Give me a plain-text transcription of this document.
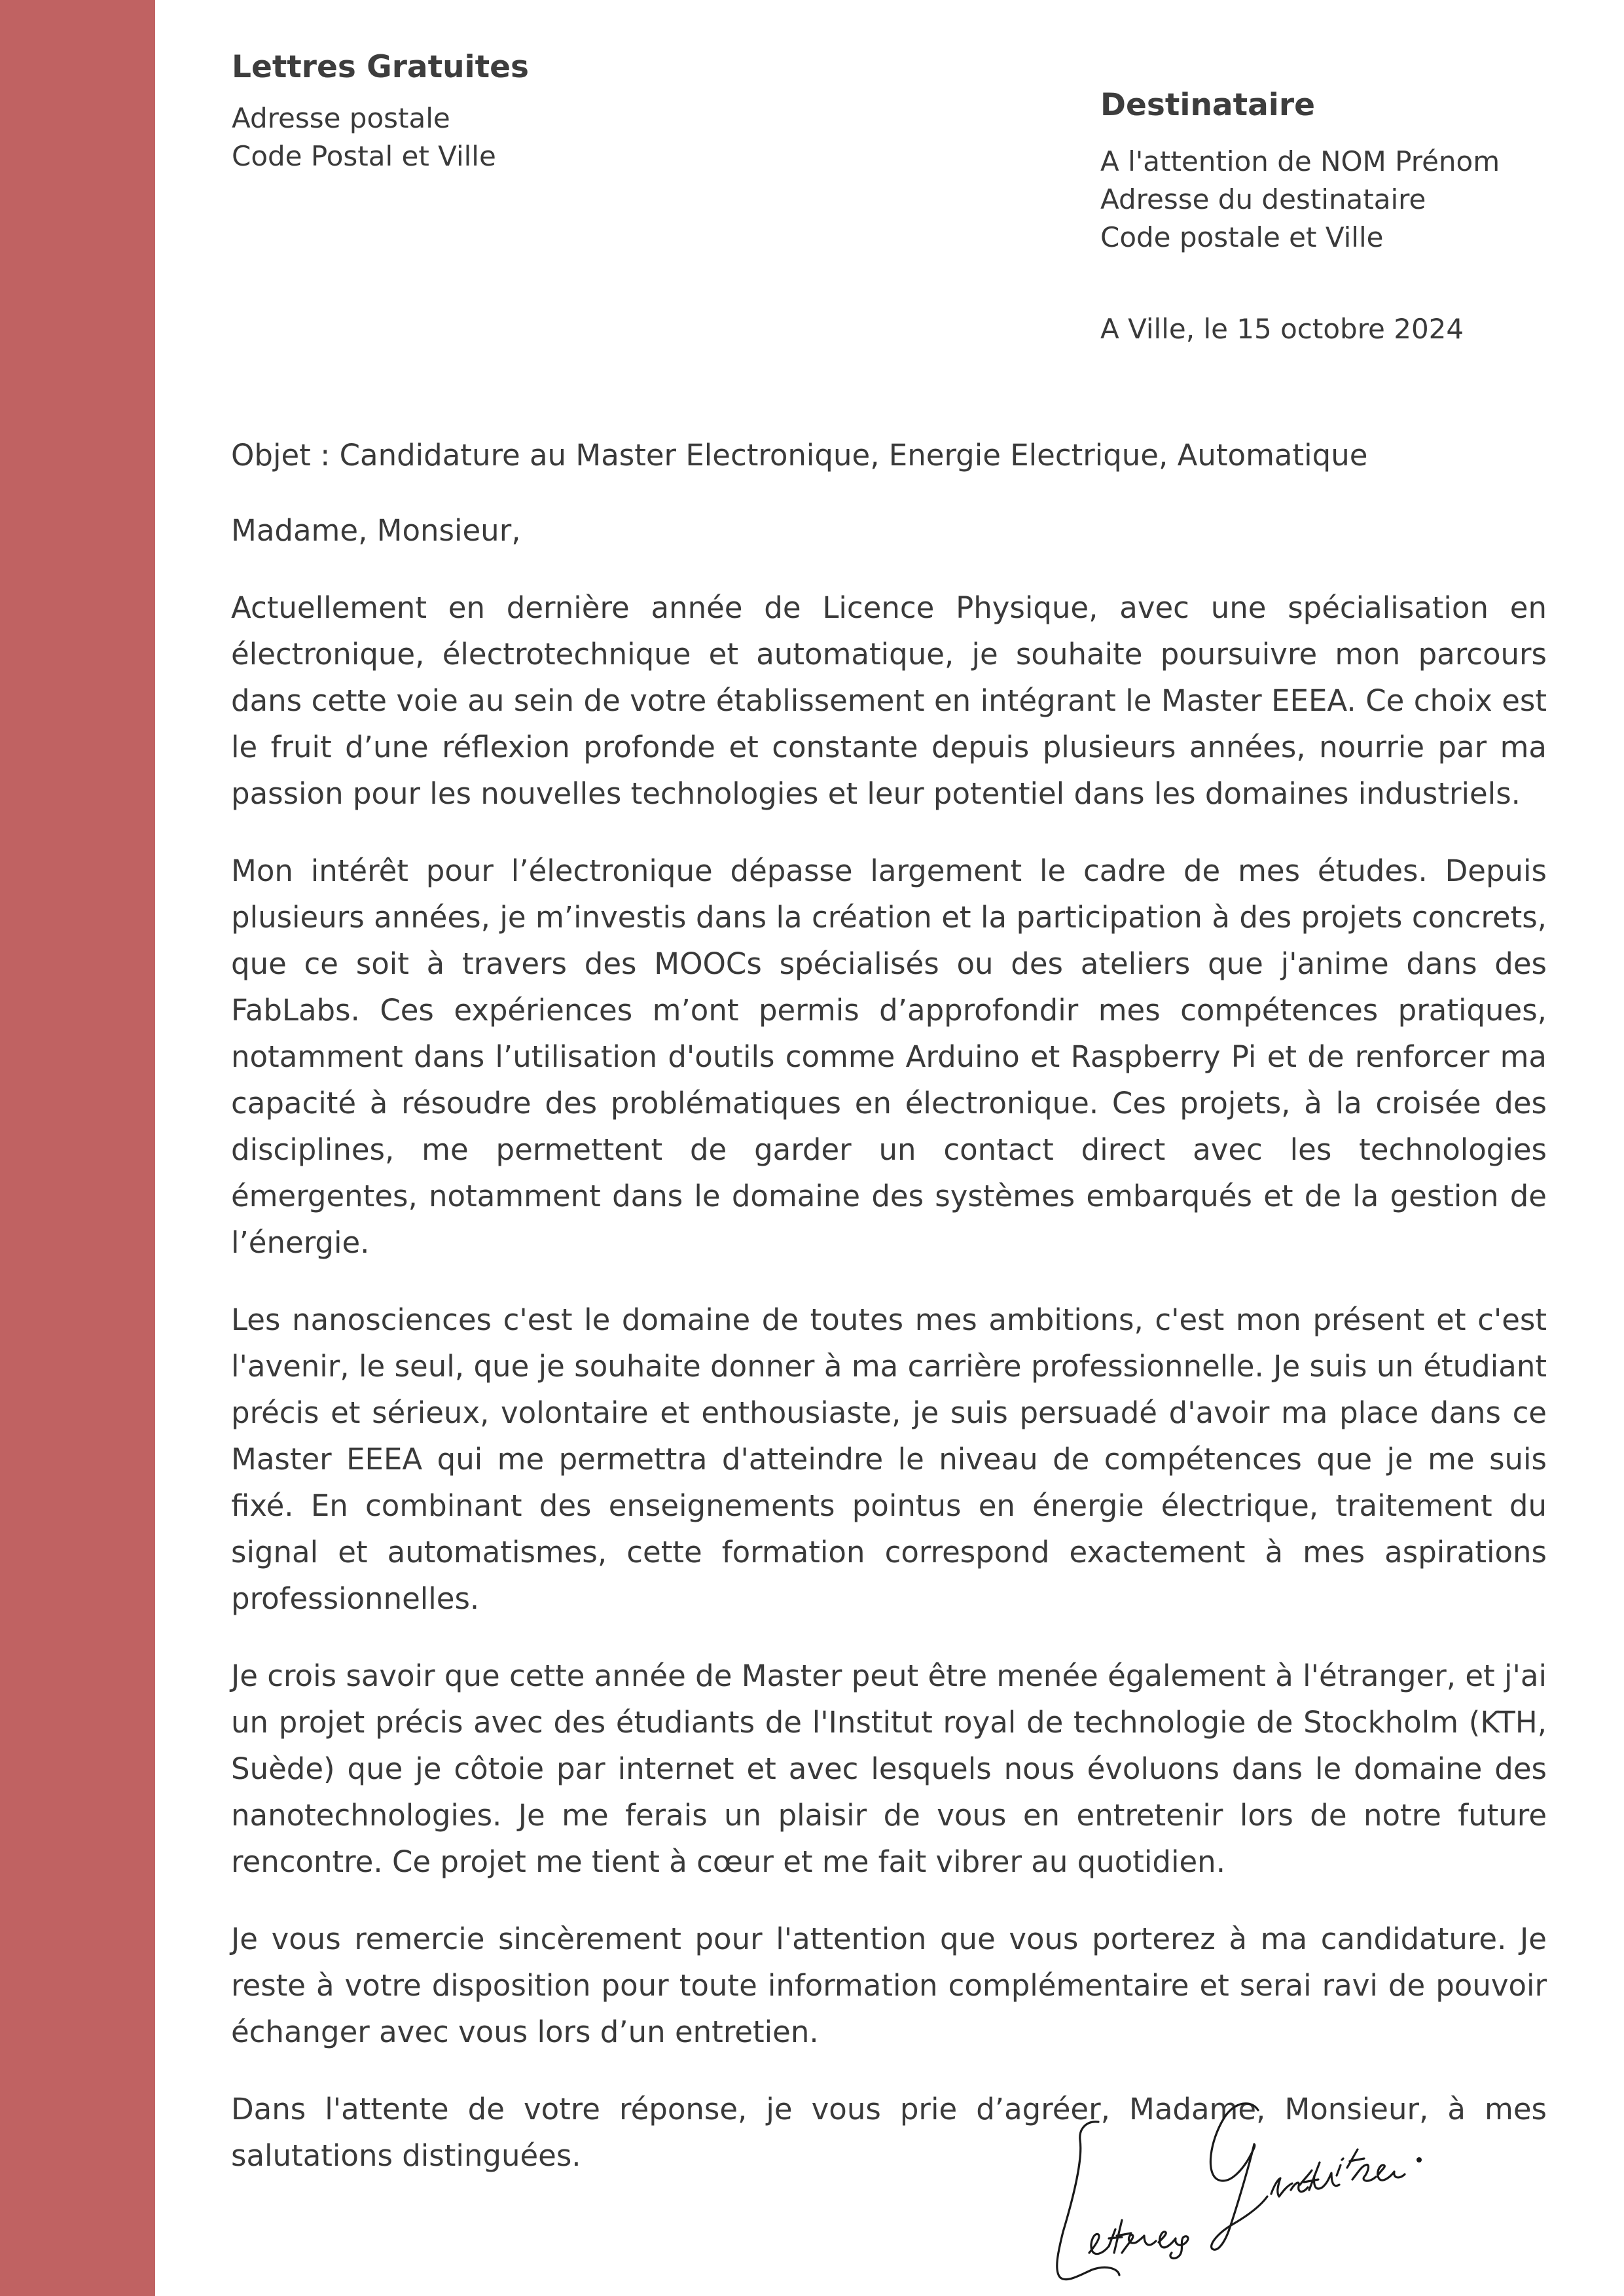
Lettres Gratuites
Adresse postale
Code Postal et Ville
Destinataire
A l'attention de NOM Prénom
Adresse du destinataire
Code postale et Ville
A Ville, le 15 octobre 2024

Objet : Candidature au Master Electronique, Energie Electrique, Automatique

Madame, Monsieur,

Actuellement en dernière année de Licence Physique, avec une spécialisation en électronique, électrotechnique et automatique, je souhaite poursuivre mon parcours dans cette voie au sein de votre établissement en intégrant le Master EEEA. Ce choix est le fruit d’une réflexion profonde et constante depuis plusieurs années, nourrie par ma passion pour les nouvelles technologies et leur potentiel dans les domaines industriels.

Mon intérêt pour l’électronique dépasse largement le cadre de mes études. Depuis plusieurs années, je m’investis dans la création et la participation à des projets concrets, que ce soit à travers des MOOCs spécialisés ou des ateliers que j'anime dans des FabLabs. Ces expériences m’ont permis d’approfondir mes compétences pratiques, notamment dans l’utilisation d'outils comme Arduino et Raspberry Pi et de renforcer ma capacité à résoudre des problématiques en électronique. Ces projets, à la croisée des disciplines, me permettent de garder un contact direct avec les technologies émergentes, notamment dans le domaine des systèmes embarqués et de la gestion de l’énergie.

Les nanosciences c'est le domaine de toutes mes ambitions, c'est mon présent et c'est l'avenir, le seul, que je souhaite donner à ma carrière professionnelle. Je suis un étudiant précis et sérieux, volontaire et enthousiaste, je suis persuadé d'avoir ma place dans ce Master EEEA qui me permettra d'atteindre le niveau de compétences que je me suis fixé. En combinant des enseignements pointus en énergie électrique, traitement du signal et automatismes, cette formation correspond exactement à mes aspirations professionnelles.

Je crois savoir que cette année de Master peut être menée également à l'étranger, et j'ai un projet précis avec des étudiants de l'Institut royal de technologie de Stockholm (KTH, Suède) que je côtoie par internet et avec lesquels nous évoluons dans le domaine des nanotechnologies. Je me ferais un plaisir de vous en entretenir lors de notre future rencontre. Ce projet me tient à cœur et me fait vibrer au quotidien.

Je vous remercie sincèrement pour l'attention que vous porterez à ma candidature. Je reste à votre disposition pour toute information complémentaire et serai ravi de pouvoir échanger avec vous lors d’un entretien.

Dans l'attente de votre réponse, je vous prie d’agréer, Madame, Monsieur, à mes salutations distinguées.
